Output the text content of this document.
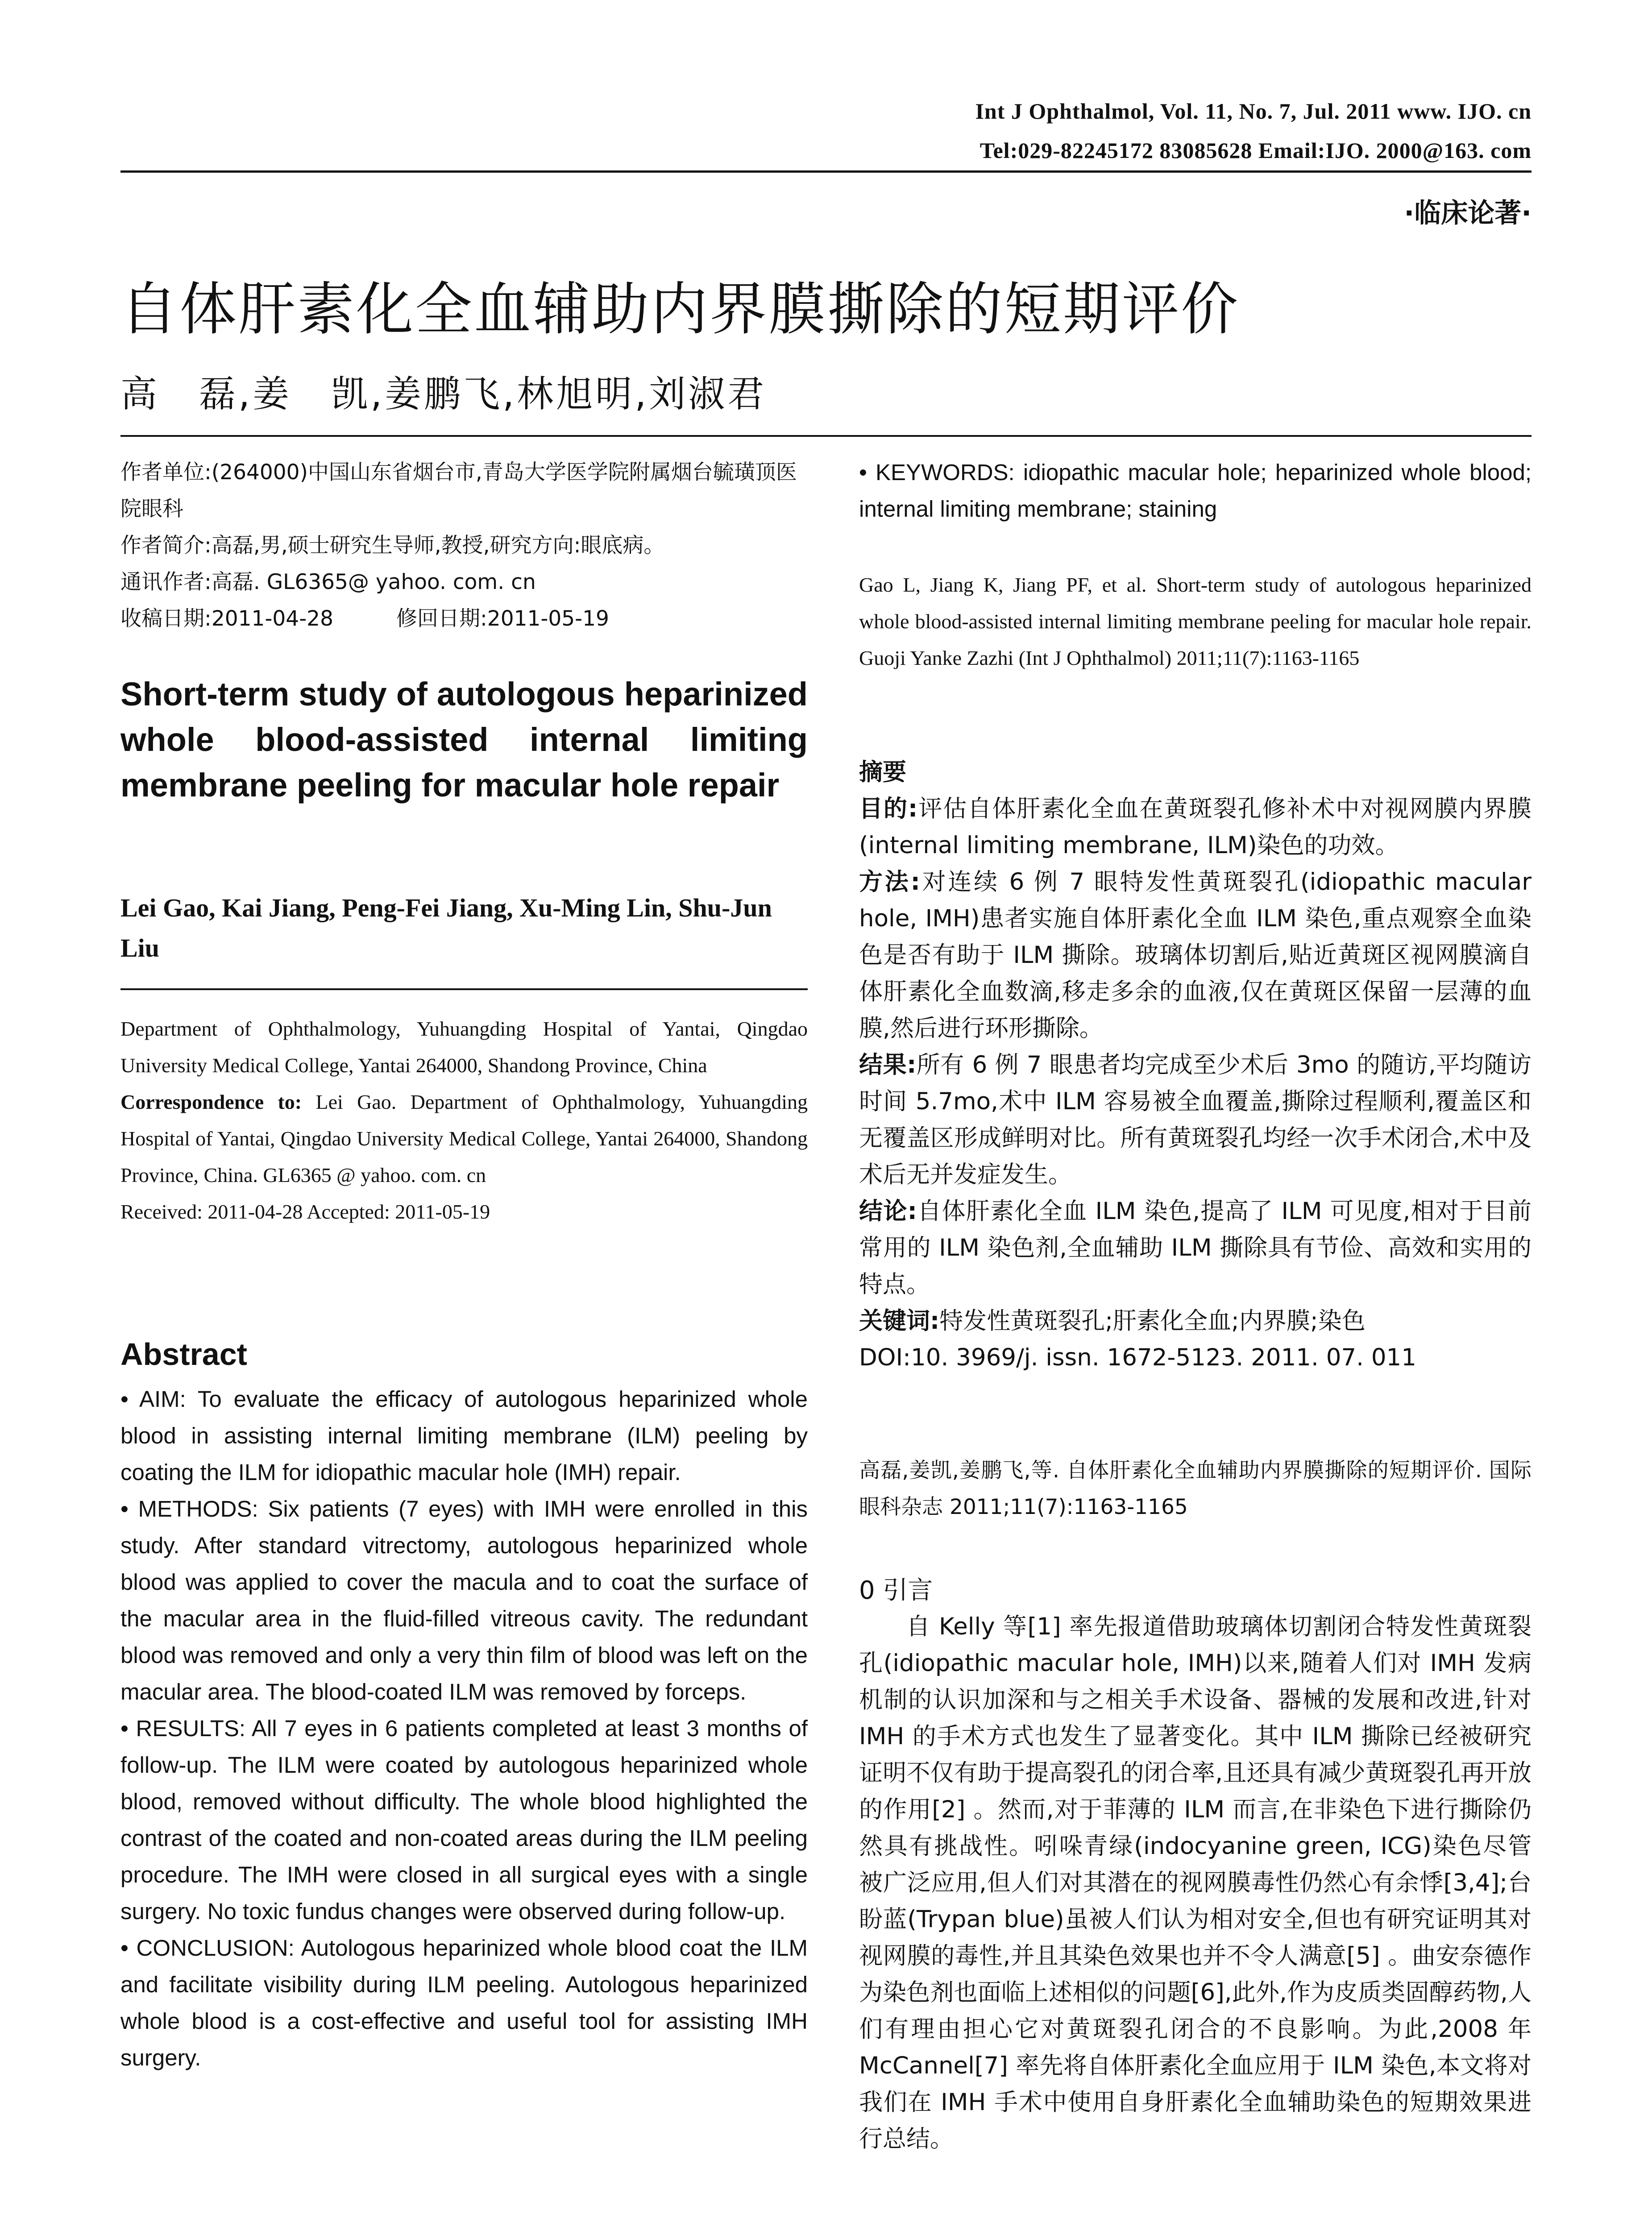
Int J Ophthalmol, Vol. 11, No. 7, Jul. 2011 www. IJO. cn
Tel:029-82245172 83085628 Email:IJO. 2000@163. com
·临床论著·
自体肝素化全血辅助内界膜撕除的短期评价
高　磊,姜　凯,姜鹏飞,林旭明,刘淑君

作者单位:(264000)中国山东省烟台市,青岛大学医学院附属烟台毓璜顶医院眼科

作者简介:高磊,男,硕士研究生导师,教授,研究方向:眼底病。

通讯作者:高磊. GL6365@ yahoo. com. cn

收稿日期:2011-04-28　　　修回日期:2011-05-19

Short-term study of autologous heparinized whole blood-assisted internal limiting membrane peeling for macular hole repair
Lei Gao, Kai Jiang, Peng-Fei Jiang, Xu-Ming Lin, Shu-Jun Liu

Department of Ophthalmology, Yuhuangding Hospital of Yantai, Qingdao University Medical College, Yantai 264000, Shandong Province, China

Correspondence to: Lei Gao. Department of Ophthalmology, Yuhuangding Hospital of Yantai, Qingdao University Medical College, Yantai 264000, Shandong Province, China. GL6365 @ yahoo. com. cn

Received: 2011-04-28 Accepted: 2011-05-19

Abstract

• AIM: To evaluate the efficacy of autologous heparinized whole blood in assisting internal limiting membrane (ILM) peeling by coating the ILM for idiopathic macular hole (IMH) repair.

• METHODS: Six patients (7 eyes) with IMH were enrolled in this study. After standard vitrectomy, autologous heparinized whole blood was applied to cover the macula and to coat the surface of the macular area in the fluid-filled vitreous cavity. The redundant blood was removed and only a very thin film of blood was left on the macular area. The blood-coated ILM was removed by forceps.

• RESULTS: All 7 eyes in 6 patients completed at least 3 months of follow-up. The ILM were coated by autologous heparinized whole blood, removed without difficulty. The whole blood highlighted the contrast of the coated and non-coated areas during the ILM peeling procedure. The IMH were closed in all surgical eyes with a single surgery. No toxic fundus changes were observed during follow-up.

• CONCLUSION: Autologous heparinized whole blood coat the ILM and facilitate visibility during ILM peeling. Autologous heparinized whole blood is a cost-effective and useful tool for assisting IMH surgery.

• KEYWORDS: idiopathic macular hole; heparinized whole blood; internal limiting membrane; staining
Gao L, Jiang K, Jiang PF, et al. Short-term study of autologous heparinized whole blood-assisted internal limiting membrane peeling for macular hole repair. Guoji Yanke Zazhi (Int J Ophthalmol) 2011;11(7):1163-1165

摘要

目的:评估自体肝素化全血在黄斑裂孔修补术中对视网膜内界膜(internal limiting membrane, ILM)染色的功效。

方法:对连续 6 例 7 眼特发性黄斑裂孔(idiopathic macular hole, IMH)患者实施自体肝素化全血 ILM 染色,重点观察全血染色是否有助于 ILM 撕除。玻璃体切割后,贴近黄斑区视网膜滴自体肝素化全血数滴,移走多余的血液,仅在黄斑区保留一层薄的血膜,然后进行环形撕除。

结果:所有 6 例 7 眼患者均完成至少术后 3mo 的随访,平均随访时间 5.7mo,术中 ILM 容易被全血覆盖,撕除过程顺利,覆盖区和无覆盖区形成鲜明对比。所有黄斑裂孔均经一次手术闭合,术中及术后无并发症发生。

结论:自体肝素化全血 ILM 染色,提高了 ILM 可见度,相对于目前常用的 ILM 染色剂,全血辅助 ILM 撕除具有节俭、高效和实用的特点。

关键词:特发性黄斑裂孔;肝素化全血;内界膜;染色

DOI:10. 3969/j. issn. 1672-5123. 2011. 07. 011

高磊,姜凯,姜鹏飞,等. 自体肝素化全血辅助内界膜撕除的短期评价. 国际眼科杂志 2011;11(7):1163-1165
0 引言
自 Kelly 等[1] 率先报道借助玻璃体切割闭合特发性黄斑裂孔(idiopathic macular hole, IMH)以来,随着人们对 IMH 发病机制的认识加深和与之相关手术设备、器械的发展和改进,针对 IMH 的手术方式也发生了显著变化。其中 ILM 撕除已经被研究证明不仅有助于提高裂孔的闭合率,且还具有减少黄斑裂孔再开放的作用[2] 。然而,对于菲薄的 ILM 而言,在非染色下进行撕除仍然具有挑战性。吲哚青绿(indocyanine green, ICG)染色尽管被广泛应用,但人们对其潜在的视网膜毒性仍然心有余悸[3,4];台盼蓝(Trypan blue)虽被人们认为相对安全,但也有研究证明其对视网膜的毒性,并且其染色效果也并不令人满意[5] 。曲安奈德作为染色剂也面临上述相似的问题[6],此外,作为皮质类固醇药物,人们有理由担心它对黄斑裂孔闭合的不良影响。为此,2008 年 McCannel[7] 率先将自体肝素化全血应用于 ILM 染色,本文将对我们在 IMH 手术中使用自身肝素化全血辅助染色的短期效果进行总结。
